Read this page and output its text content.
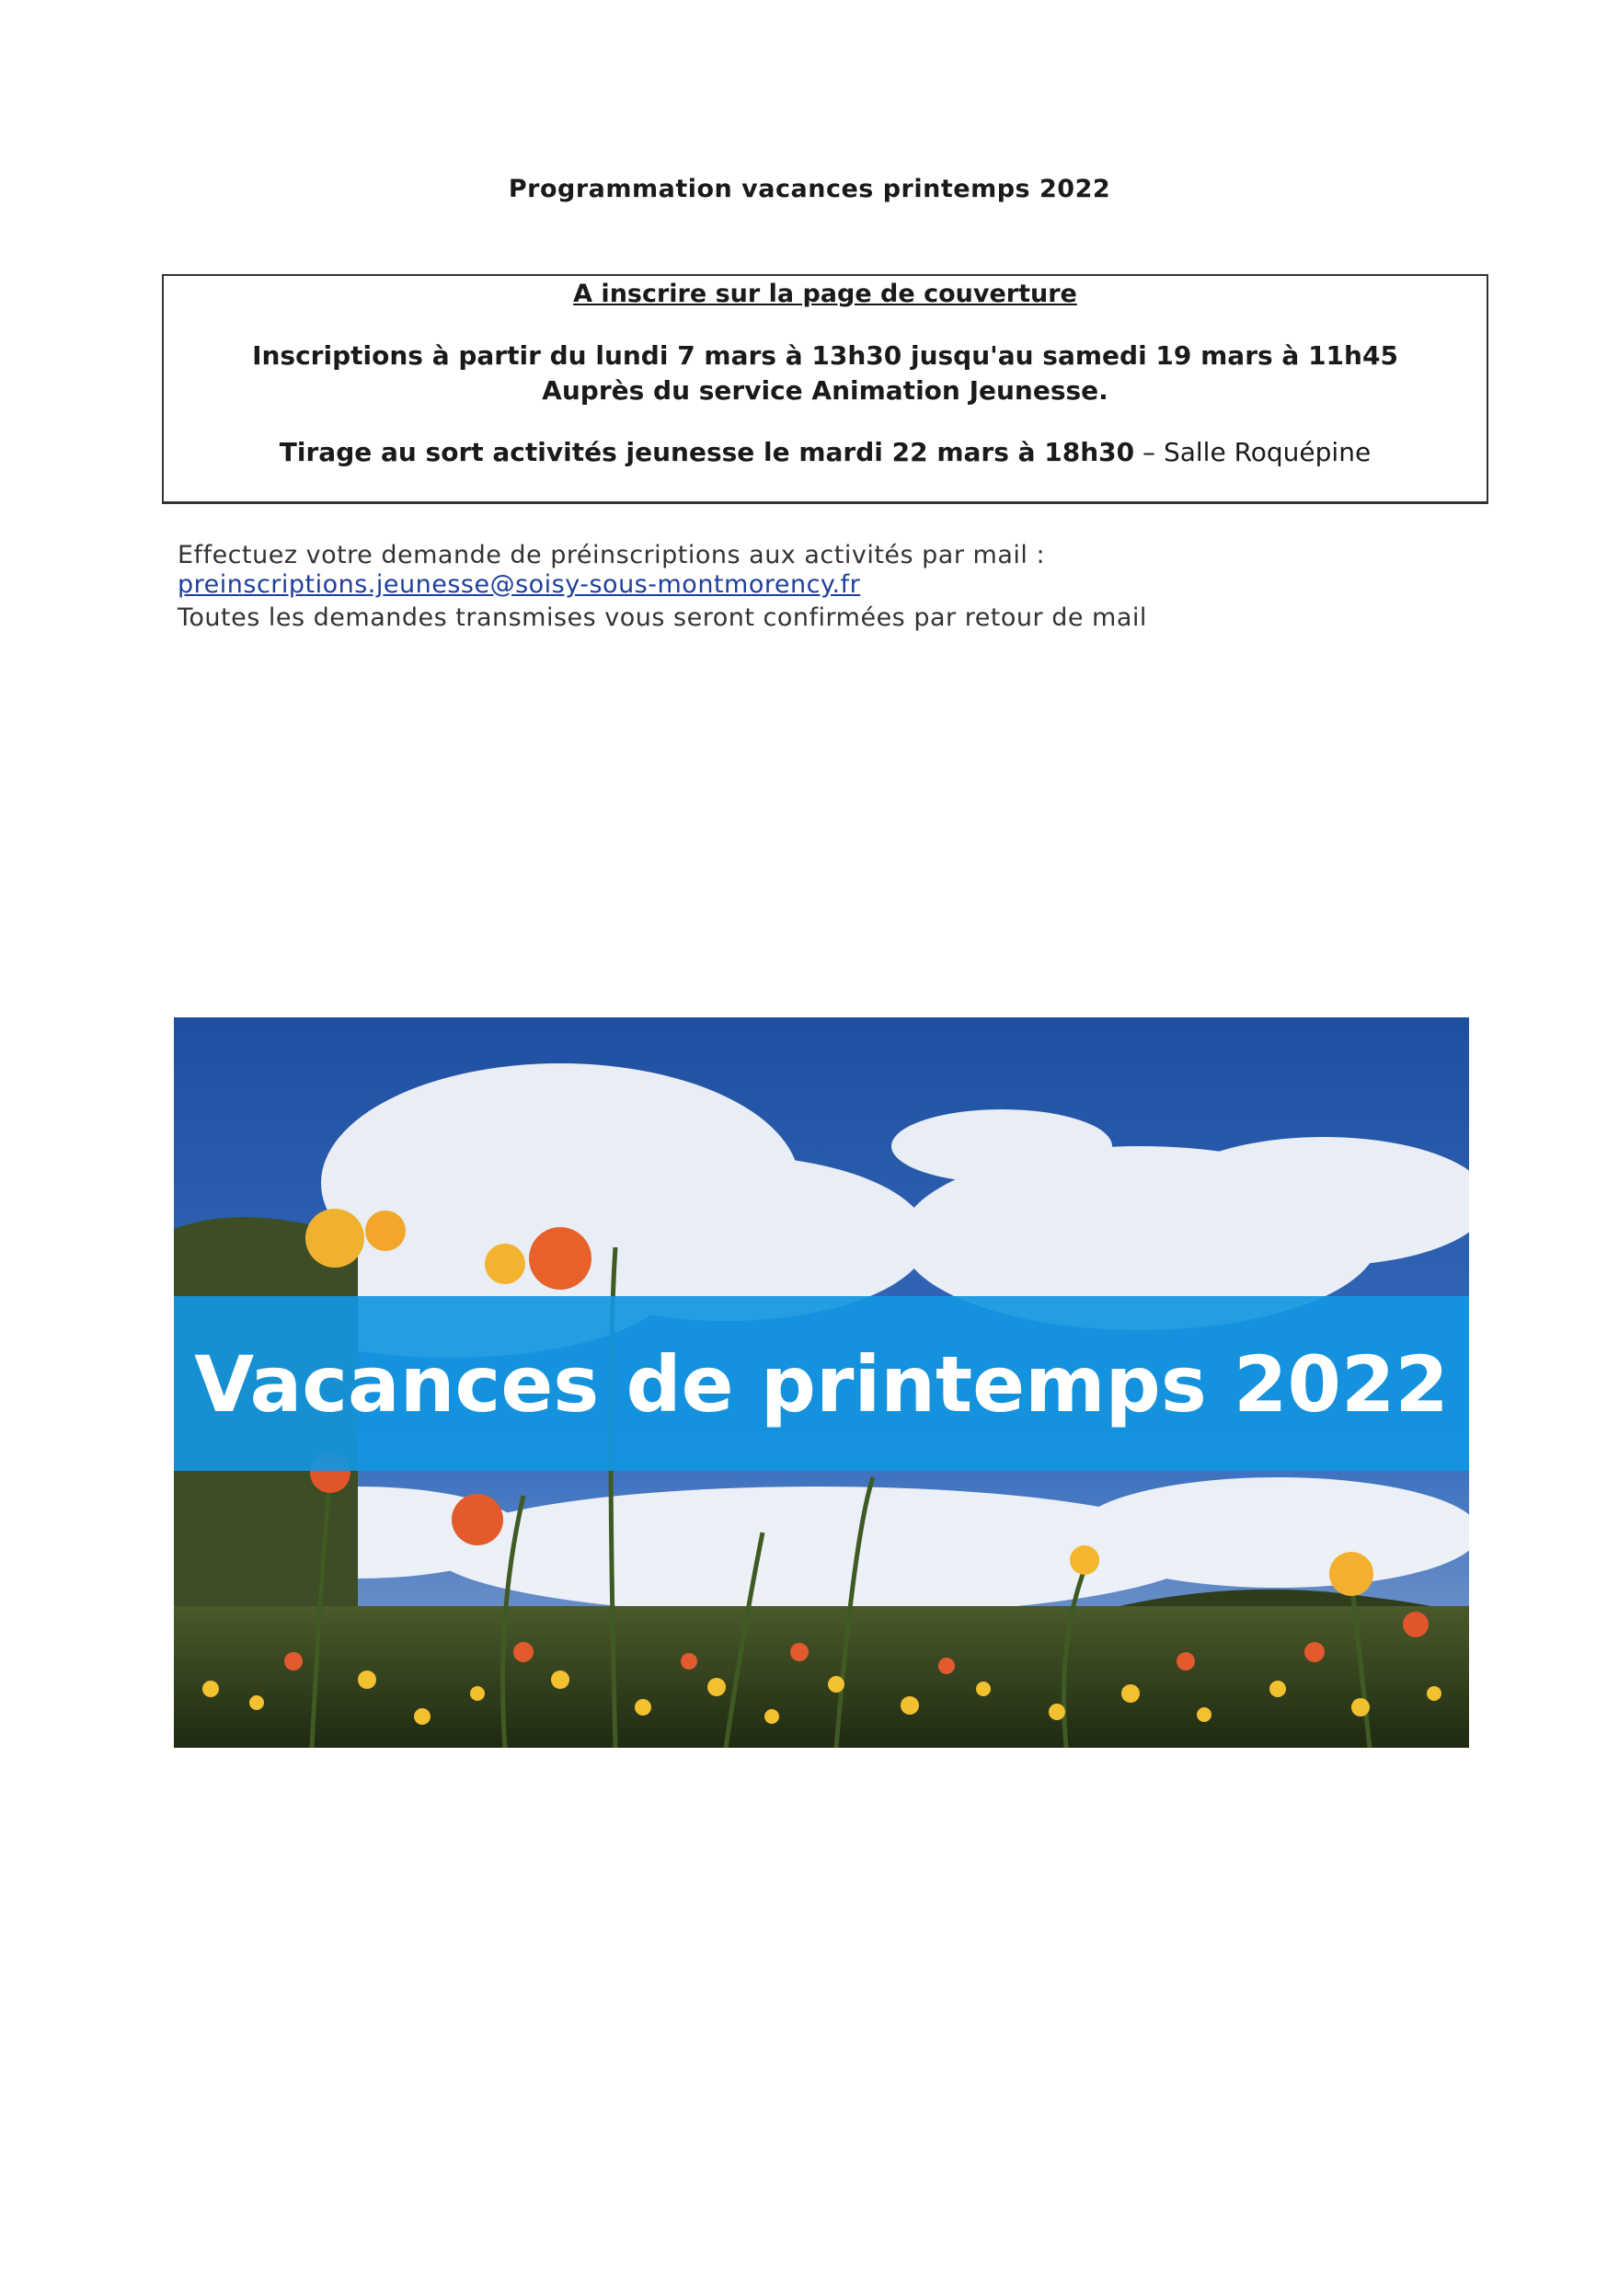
Programmation vacances printemps 2022
A inscrire sur la page de couverture
Inscriptions à partir du lundi 7 mars à 13h30 jusqu'au samedi 19 mars à 11h45
Auprès du service Animation Jeunesse.
Tirage au sort activités jeunesse le mardi 22 mars à 18h30 – Salle Roquépine
Effectuez votre demande de préinscriptions aux activités par mail :
preinscriptions.jeunesse@soisy-sous-montmorency.fr
Toutes les demandes transmises vous seront confirmées par retour de mail
Vacances de printemps 2022
